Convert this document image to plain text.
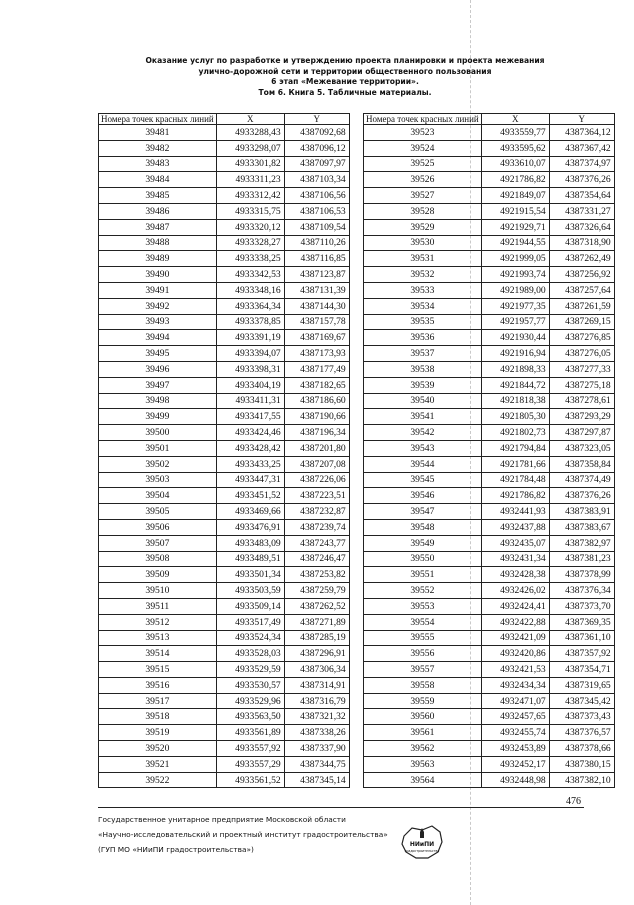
Оказание услуг по разработке и утверждению проекта планировки и проекта межевания
улично-дорожной сети и территории общественного пользования
6 этап «Межевание территории».
Том 6. Книга 5. Табличные материалы.
Номера точек красных линий	X	Y
39481	4933288,43	4387092,68
39482	4933298,07	4387096,12
39483	4933301,82	4387097,97
39484	4933311,23	4387103,34
39485	4933312,42	4387106,56
39486	4933315,75	4387106,53
39487	4933320,12	4387109,54
39488	4933328,27	4387110,26
39489	4933338,25	4387116,85
39490	4933342,53	4387123,87
39491	4933348,16	4387131,39
39492	4933364,34	4387144,30
39493	4933378,85	4387157,78
39494	4933391,19	4387169,67
39495	4933394,07	4387173,93
39496	4933398,31	4387177,49
39497	4933404,19	4387182,65
39498	4933411,31	4387186,60
39499	4933417,55	4387190,66
39500	4933424,46	4387196,34
39501	4933428,42	4387201,80
39502	4933433,25	4387207,08
39503	4933447,31	4387226,06
39504	4933451,52	4387223,51
39505	4933469,66	4387232,87
39506	4933476,91	4387239,74
39507	4933483,09	4387243,77
39508	4933489,51	4387246,47
39509	4933501,34	4387253,82
39510	4933503,59	4387259,79
39511	4933509,14	4387262,52
39512	4933517,49	4387271,89
39513	4933524,34	4387285,19
39514	4933528,03	4387296,91
39515	4933529,59	4387306,34
39516	4933530,57	4387314,91
39517	4933529,96	4387316,79
39518	4933563,50	4387321,32
39519	4933561,89	4387338,26
39520	4933557,92	4387337,90
39521	4933557,29	4387344,75
39522	4933561,52	4387345,14
Номера точек красных линий	X	Y
39523	4933559,77	4387364,12
39524	4933595,62	4387367,42
39525	4933610,07	4387374,97
39526	4921786,82	4387376,26
39527	4921849,07	4387354,64
39528	4921915,54	4387331,27
39529	4921929,71	4387326,64
39530	4921944,55	4387318,90
39531	4921999,05	4387262,49
39532	4921993,74	4387256,92
39533	4921989,00	4387257,64
39534	4921977,35	4387261,59
39535	4921957,77	4387269,15
39536	4921930,44	4387276,85
39537	4921916,94	4387276,05
39538	4921898,33	4387277,33
39539	4921844,72	4387275,18
39540	4921818,38	4387278,61
39541	4921805,30	4387293,29
39542	4921802,73	4387297,87
39543	4921794,84	4387323,05
39544	4921781,66	4387358,84
39545	4921784,48	4387374,49
39546	4921786,82	4387376,26
39547	4932441,93	4387383,91
39548	4932437,88	4387383,67
39549	4932435,07	4387382,97
39550	4932431,34	4387381,23
39551	4932428,38	4387378,99
39552	4932426,02	4387376,34
39553	4932424,41	4387373,70
39554	4932422,88	4387369,35
39555	4932421,09	4387361,10
39556	4932420,86	4387357,92
39557	4932421,53	4387354,71
39558	4932434,34	4387319,65
39559	4932471,07	4387345,42
39560	4932457,65	4387373,43
39561	4932455,74	4387376,57
39562	4932453,89	4387378,66
39563	4932452,17	4387380,15
39564	4932448,98	4387382,10
476
Государственное унитарное предприятие Московской области
«Научно-исследовательский и проектный институт градостроительства»
(ГУП МО «НИиПИ градостроительства»)
НИиПИ
градостроительства
